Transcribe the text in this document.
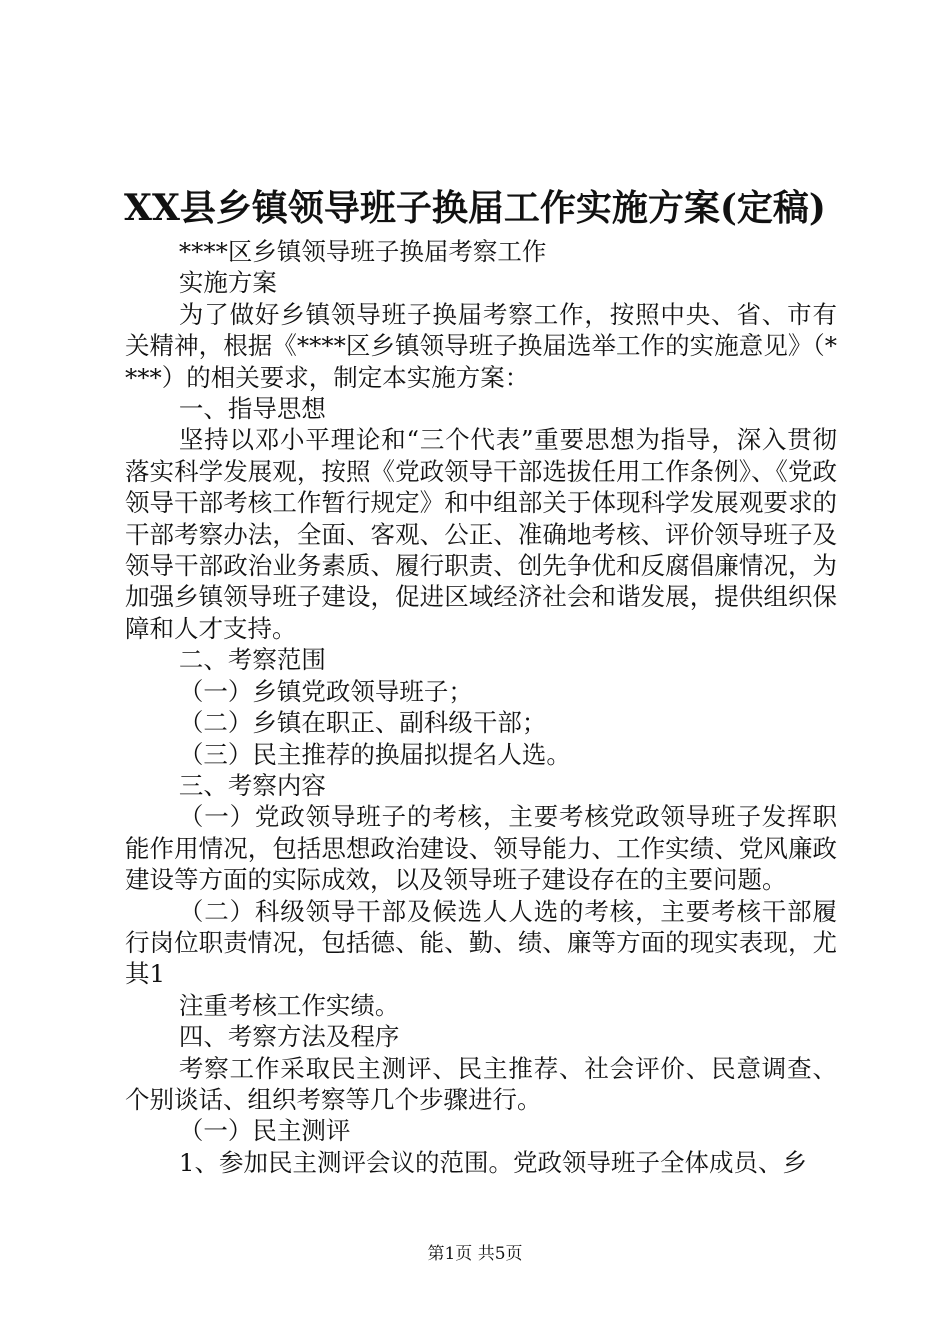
XX县乡镇领导班子换届工作实施方案(定稿)

****区乡镇领导班子换届考察工作

实施方案

为了做好乡镇领导班子换届考察工作，按照中央、省、市有关精神，根据《****区乡镇领导班子换届选举工作的实施意见》（****）的相关要求，制定本实施方案：

一、指导思想

坚持以邓小平理论和“三个代表”重要思想为指导，深入贯彻落实科学发展观，按照《党政领导干部选拔任用工作条例》、《党政领导干部考核工作暂行规定》和中组部关于体现科学发展观要求的干部考察办法，全面、客观、公正、准确地考核、评价领导班子及领导干部政治业务素质、履行职责、创先争优和反腐倡廉情况，为加强乡镇领导班子建设，促进区域经济社会和谐发展，提供组织保障和人才支持。

二、考察范围

（一）乡镇党政领导班子；

（二）乡镇在职正、副科级干部；

（三）民主推荐的换届拟提名人选。

三、考察内容

（一）党政领导班子的考核，主要考核党政领导班子发挥职能作用情况，包括思想政治建设、领导能力、工作实绩、党风廉政建设等方面的实际成效，以及领导班子建设存在的主要问题。

（二）科级领导干部及候选人人选的考核，主要考核干部履行岗位职责情况，包括德、能、勤、绩、廉等方面的现实表现，尤其1

注重考核工作实绩。

四、考察方法及程序

考察工作采取民主测评、民主推荐、社会评价、民意调查、个别谈话、组织考察等几个步骤进行。

（一）民主测评

1、参加民主测评会议的范围。党政领导班子全体成员、乡

第1页 共5页
